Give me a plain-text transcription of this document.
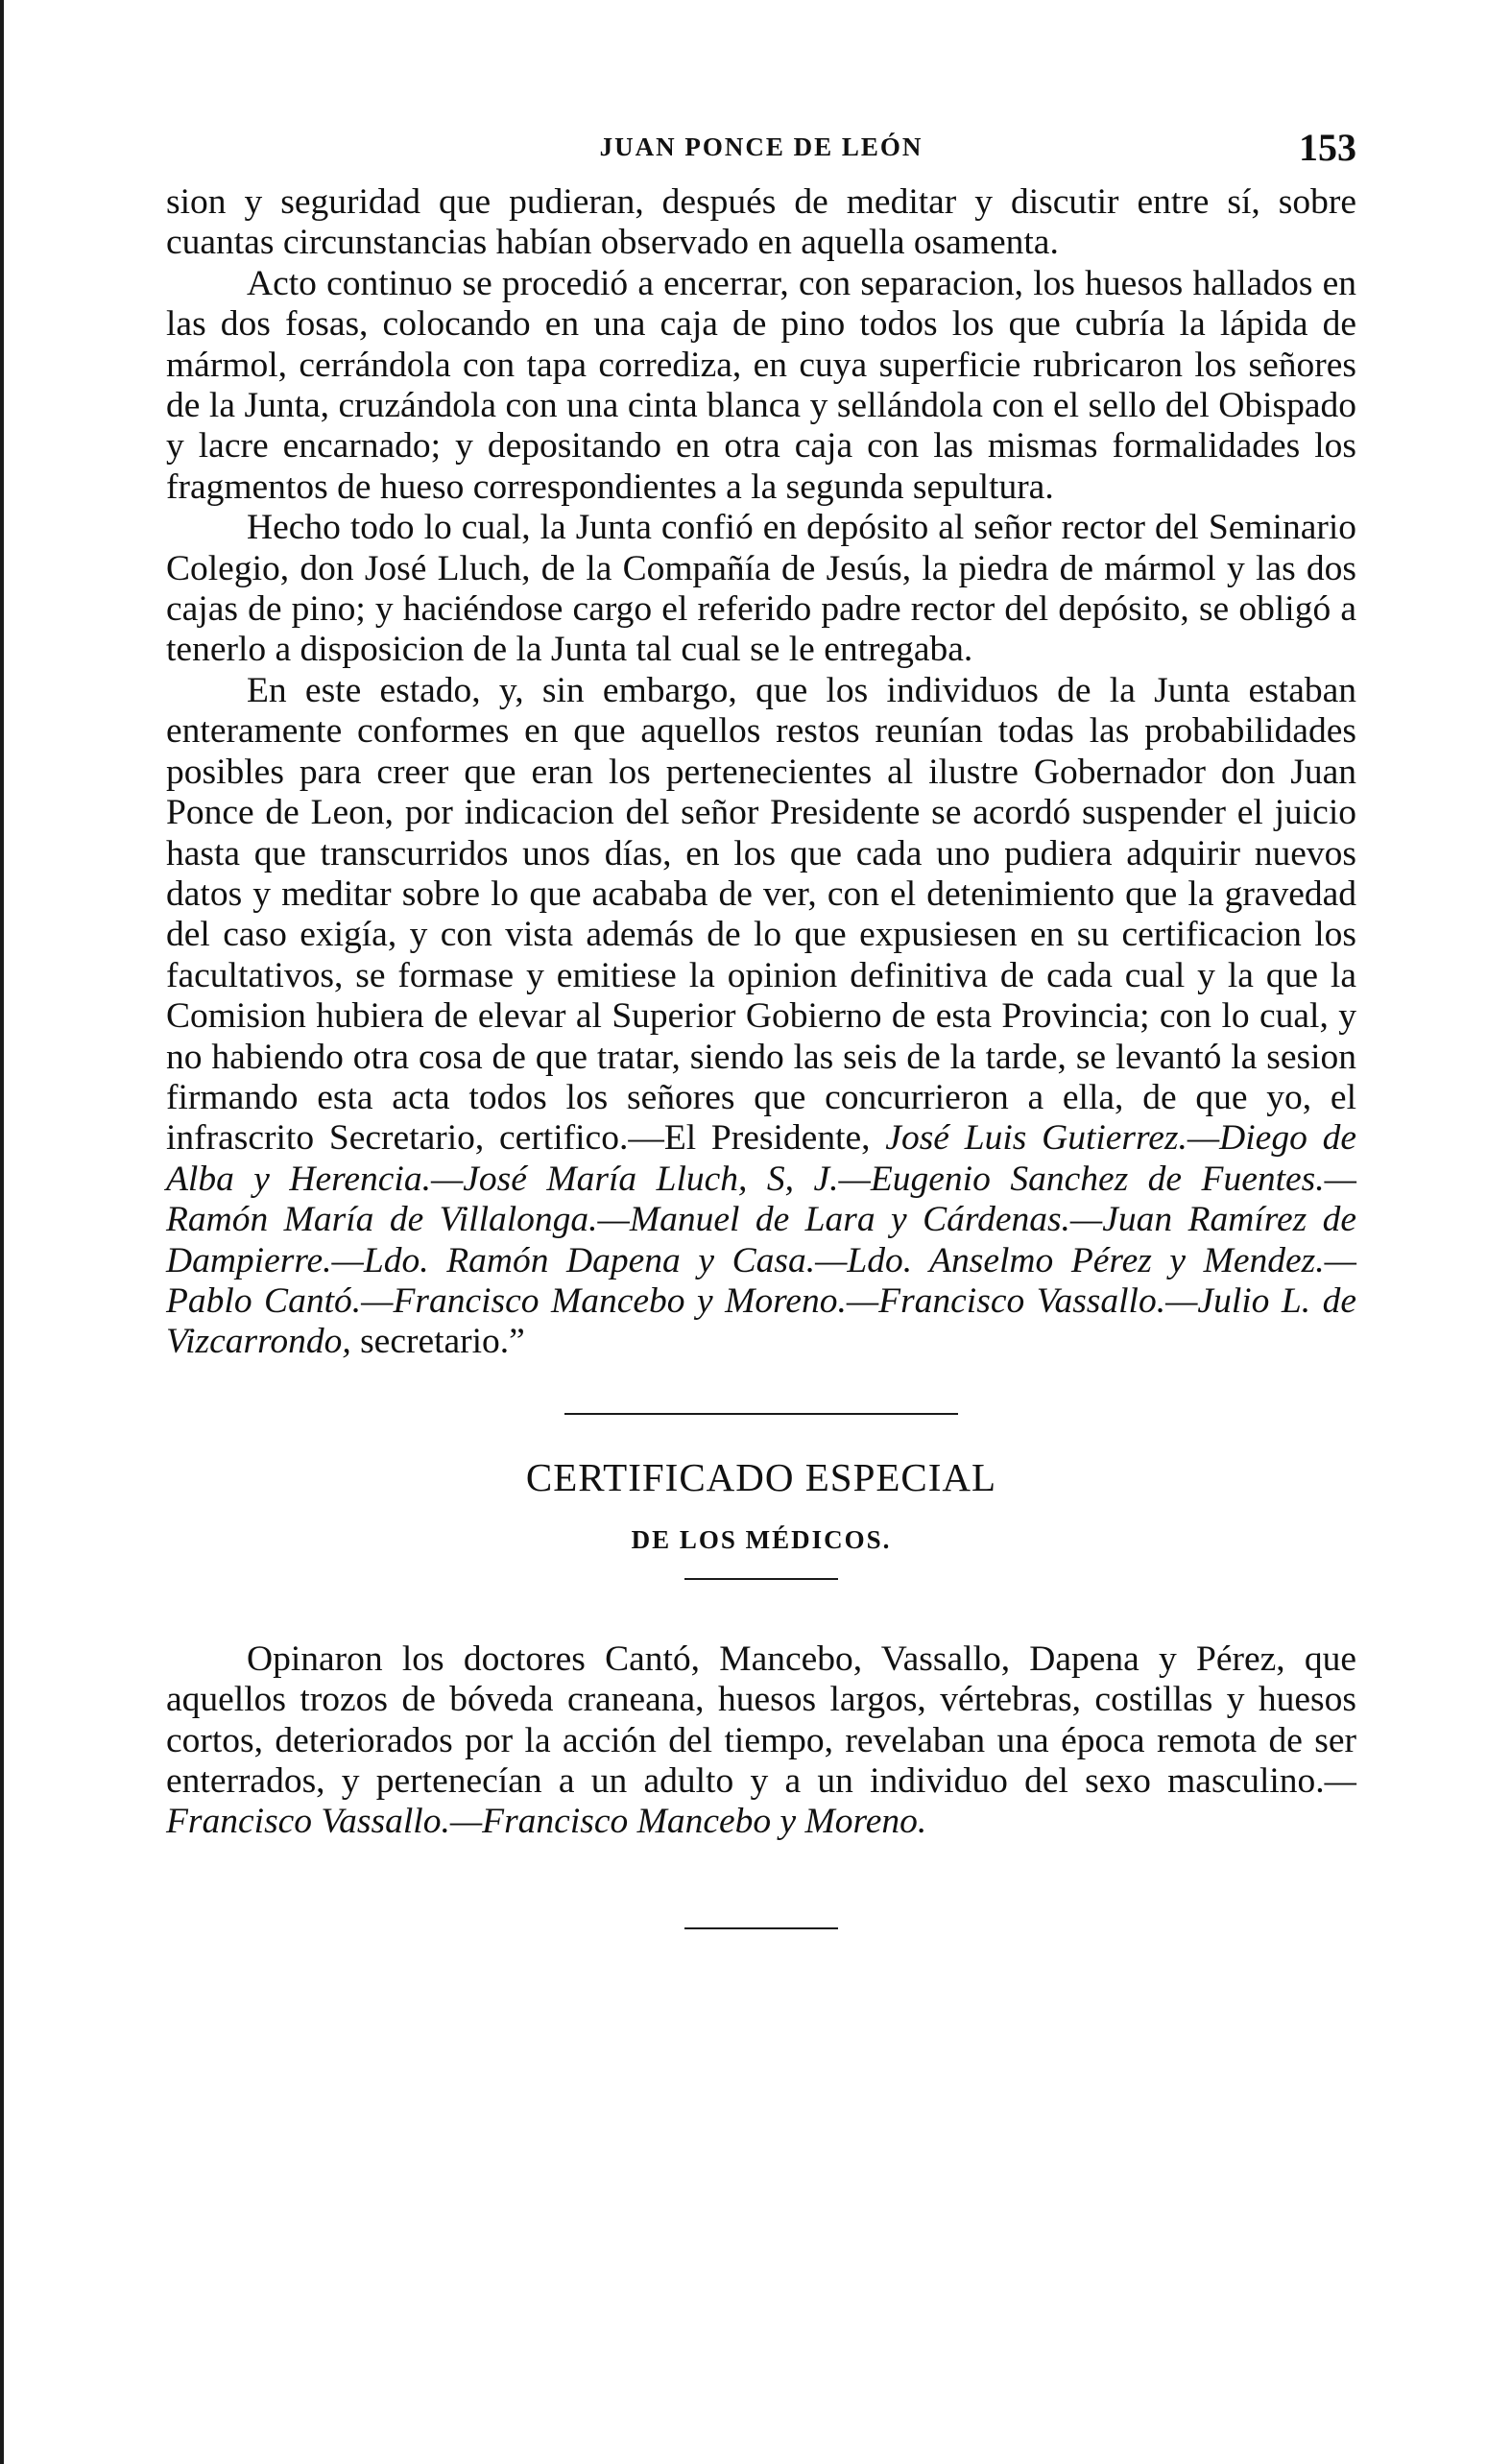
JUAN PONCE DE LEÓN	153

sion y seguridad que pudieran, después de meditar y discutir entre sí, sobre cuantas circunstancias habían observado en aquella osamenta.

Acto continuo se procedió a encerrar, con separacion, los huesos hallados en las dos fosas, colocando en una caja de pino todos los que cubría la lápida de mármol, cerrándola con tapa corrediza, en cuya superficie rubricaron los señores de la Junta, cruzándola con una cinta blanca y sellándola con el sello del Obispado y lacre encarnado; y depositando en otra caja con las mismas formalidades los fragmentos de hueso correspondientes a la segunda sepultura.

Hecho todo lo cual, la Junta confió en depósito al señor rector del Seminario Colegio, don José Lluch, de la Compañía de Jesús, la piedra de mármol y las dos cajas de pino; y haciéndose cargo el referido padre rector del depósito, se obligó a tenerlo a disposicion de la Junta tal cual se le entregaba.

En este estado, y, sin embargo, que los individuos de la Junta estaban enteramente conformes en que aquellos restos reunían todas las probabilidades posibles para creer que eran los pertenecientes al ilustre Gobernador don Juan Ponce de Leon, por indicacion del señor Presidente se acordó suspender el juicio hasta que transcurridos unos días, en los que cada uno pudiera adquirir nuevos datos y meditar sobre lo que acababa de ver, con el detenimiento que la gravedad del caso exigía, y con vista además de lo que expusiesen en su certificacion los facultativos, se formase y emitiese la opinion definitiva de cada cual y la que la Comision hubiera de elevar al Superior Gobierno de esta Provincia; con lo cual, y no habiendo otra cosa de que tratar, siendo las seis de la tarde, se levantó la sesion firmando esta acta todos los señores que concurrieron a ella, de que yo, el infrascrito Secretario, certifico.—El Presidente, José Luis Gutierrez.—Diego de Alba y Herencia.—José María Lluch, S, J.—Eugenio Sanchez de Fuentes.—Ramón María de Villalonga.—Manuel de Lara y Cárdenas.—Juan Ramírez de Dampierre.—Ldo. Ramón Dapena y Casa.—Ldo. Anselmo Pérez y Mendez.—Pablo Cantó.—Francisco Mancebo y Moreno.—Francisco Vassallo.—Julio L. de Vizcarrondo, secretario.”

CERTIFICADO ESPECIAL
DE LOS MÉDICOS.

Opinaron los doctores Cantó, Mancebo, Vassallo, Dapena y Pérez, que aquellos trozos de bóveda craneana, huesos largos, vértebras, costillas y huesos cortos, deteriorados por la acción del tiempo, revelaban una época remota de ser enterrados, y pertenecían a un adulto y a un individuo del sexo masculino.—Francisco Vassallo.—Francisco Mancebo y Moreno.
